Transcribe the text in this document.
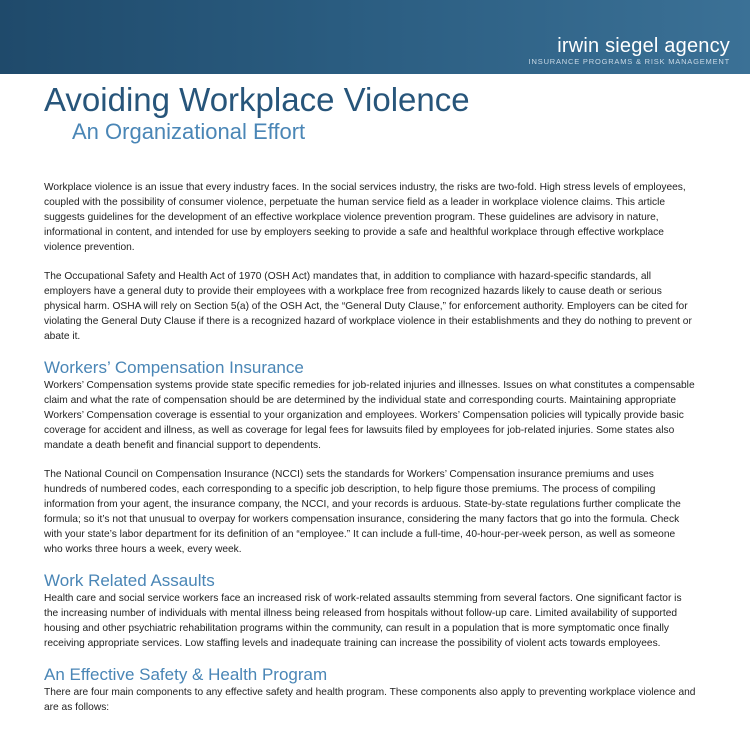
irwin siegel agency
INSURANCE PROGRAMS & RISK MANAGEMENT
Avoiding Workplace Violence
An Organizational Effort

Workplace violence is an issue that every industry faces. In the social services industry, the risks are two-fold. High stress levels of employees, coupled with the possibility of consumer violence, perpetuate the human service field as a leader in workplace violence claims. This article suggests guidelines for the development of an effective workplace violence prevention program. These guidelines are advisory in nature, informational in content, and intended for use by employers seeking to provide a safe and healthful workplace through effective workplace violence prevention.

The Occupational Safety and Health Act of 1970 (OSH Act) mandates that, in addition to compliance with hazard-specific standards, all employers have a general duty to provide their employees with a workplace free from recognized hazards likely to cause death or serious physical harm. OSHA will rely on Section 5(a) of the OSH Act, the “General Duty Clause,” for enforcement authority. Employers can be cited for violating the General Duty Clause if there is a recognized hazard of workplace violence in their establishments and they do nothing to prevent or abate it.

Workers’ Compensation Insurance

Workers’ Compensation systems provide state specific remedies for job-related injuries and illnesses. Issues on what constitutes a compensable claim and what the rate of compensation should be are determined by the individual state and corresponding courts. Maintaining appropriate Workers’ Compensation coverage is essential to your organization and employees. Workers’ Compensation policies will typically provide basic coverage for accident and illness, as well as coverage for legal fees for lawsuits filed by employees for job-related injuries. Some states also mandate a death benefit and financial support to dependents.

The National Council on Compensation Insurance (NCCI) sets the standards for Workers’ Compensation insurance premiums and uses hundreds of numbered codes, each corresponding to a specific job description, to help figure those premiums. The process of compiling information from your agent, the insurance company, the NCCI, and your records is arduous. State-by-state regulations further complicate the formula; so it’s not that unusual to overpay for workers compensation insurance, considering the many factors that go into the formula. Check with your state’s labor department for its definition of an “employee.” It can include a full-time, 40-hour-per-week person, as well as someone who works three hours a week, every week.

Work Related Assaults

Health care and social service workers face an increased risk of work-related assaults stemming from several factors. One significant factor is the increasing number of individuals with mental illness being released from hospitals without follow-up care. Limited availability of supported housing and other psychiatric rehabilitation programs within the community, can result in a population that is more symptomatic once finally receiving appropriate services. Low staffing levels and inadequate training can increase the possibility of violent acts towards employees.

An Effective Safety & Health Program

There are four main components to any effective safety and health program. These components also apply to preventing workplace violence and are as follows:
